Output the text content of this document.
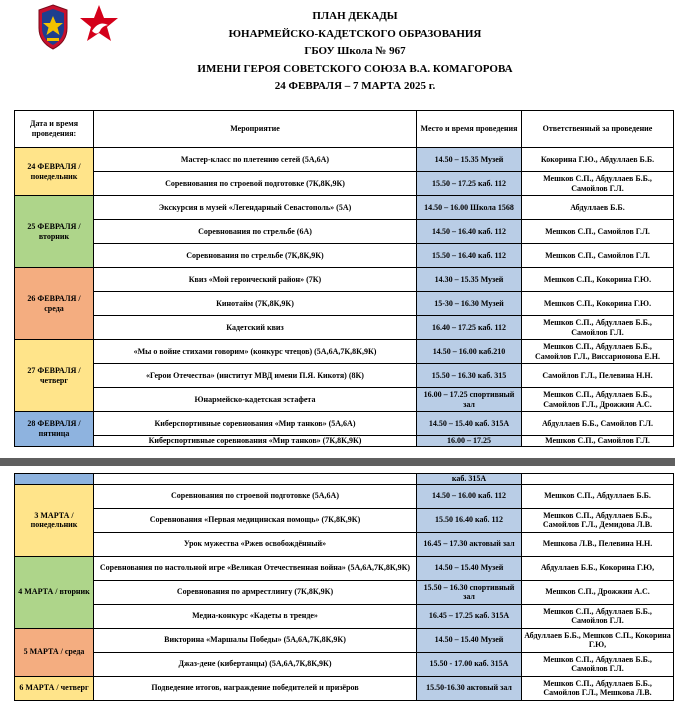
ПЛАН ДЕКАДЫ
ЮНАРМЕЙСКО-КАДЕТСКОГО ОБРАЗОВАНИЯ
ГБОУ Школа № 967
ИМЕНИ ГЕРОЯ СОВЕТСКОГО СОЮЗА В.А. КОМАГОРОВА
24 ФЕВРАЛЯ – 7 МАРТА 2025 г.
Дата и время проведения:	Мероприятие	Место и время проведения	Ответственный за проведение
24 ФЕВРАЛЯ / понедельник	Мастер-класс по плетению сетей (5А,6А)	14.50 – 15.35 Музей	Кокорина Г.Ю., Абдуллаев Б.Б.
	Соревнования по строевой подготовке (7К,8К,9К)	15.50 – 17.25 каб. 112	Мешков С.П., Абдуллаев Б.Б., Самойлов Г.Л.
25 ФЕВРАЛЯ / вторник	Экскурсия в музей «Легендарный Севастополь» (5А)	14.50 – 16.00 Школа 1568	Абдуллаев Б.Б.
	Соревнования по стрельбе (6А)	14.50 – 16.40 каб. 112	Мешков С.П., Самойлов Г.Л.
	Соревнования по стрельбе (7К,8К,9К)	15.50 – 16.40 каб. 112	Мешков С.П., Самойлов Г.Л.
26 ФЕВРАЛЯ / среда	Квиз «Мой героический район» (7К)	14.30 – 15.35 Музей	Мешков С.П., Кокорина Г.Ю.
	Кинотайм (7К,8К,9К)	15-30 – 16.30 Музей	Мешков С.П., Кокорина Г.Ю.
	Кадетский квиз	16.40 – 17.25 каб. 112	Мешков С.П., Абдуллаев Б.Б., Самойлов Г.Л.
27 ФЕВРАЛЯ / четверг	«Мы о войне стихами говорим» (конкурс чтецов) (5А,6А,7К,8К,9К)	14.50 – 16.00 каб.210	Мешков С.П., Абдуллаев Б.Б., Самойлов Г.Л., Виссарионова Е.Н.
	«Герои Отечества» (институт МВД имени П.Я. Кикотя) (8К)	15.50 – 16.30 каб. 315	Самойлов Г.Л., Пелевина Н.Н.
	Юнармейско-кадетская эстафета	16.00 – 17.25 спортивный зал	Мешков С.П., Абдуллаев Б.Б., Самойлов Г.Л., Дрожжин А.С.
28 ФЕВРАЛЯ / пятница	Киберспортивные соревнования «Мир танков» (5А,6А)	14.50 – 15.40 каб. 315А	Абдуллаев Б.Б., Самойлов Г.Л.
	Киберспортивные соревнования «Мир танков» (7К,8К,9К)	16.00 – 17.25	Мешков С.П., Самойлов Г.Л.
		каб. 315А	
3 МАРТА / понедельник	Соревнования по строевой подготовке (5А,6А)	14.50 – 16.00 каб. 112	Мешков С.П., Абдуллаев Б.Б.
	Соревнования «Первая медицинская помощь» (7К,8К,9К)	15.50 16.40 каб. 112	Мешков С.П., Абдуллаев Б.Б., Самойлов Г.Л., Демидова Л.В.
	Урок мужества «Ржев освобождённый»	16.45 – 17.30 актовый зал	Мешкова Л.В., Пелевина Н.Н.
4 МАРТА / вторник	Соревнования по настольной игре «Великая Отечественная война» (5А,6А,7К,8К,9К)	14.50 – 15.40 Музей	Абдуллаев Б.Б., Кокорина Г.Ю,
	Соревнования по армрестлингу (7К,8К,9К)	15.50 – 16.30 спортивный зал	Мешков С.П., Дрожжин А.С.
	Медиа-конкурс «Кадеты в тренде»	16.45 – 17.25 каб. 315А	Мешков С.П., Абдуллаев Б.Б., Самойлов Г.Л.
5 МАРТА / среда	Викторина «Маршалы Победы» (5А,6А,7К,8К,9К)	14.50 – 15.40 Музей	Абдуллаев Б.Б., Мешков С.П., Кокорина Г.Ю,
	Джаз-дене (кибертанцы) (5А,6А,7К,8К,9К)	15.50 - 17.00 каб. 315А	Мешков С.П., Абдуллаев Б.Б., Самойлов Г.Л.
6 МАРТА / четверг	Подведение итогов, награждение победителей и призёров	15.50-16.30 актовый зал	Мешков С.П., Абдуллаев Б.Б., Самойлов Г.Л., Мешкова Л.В.
